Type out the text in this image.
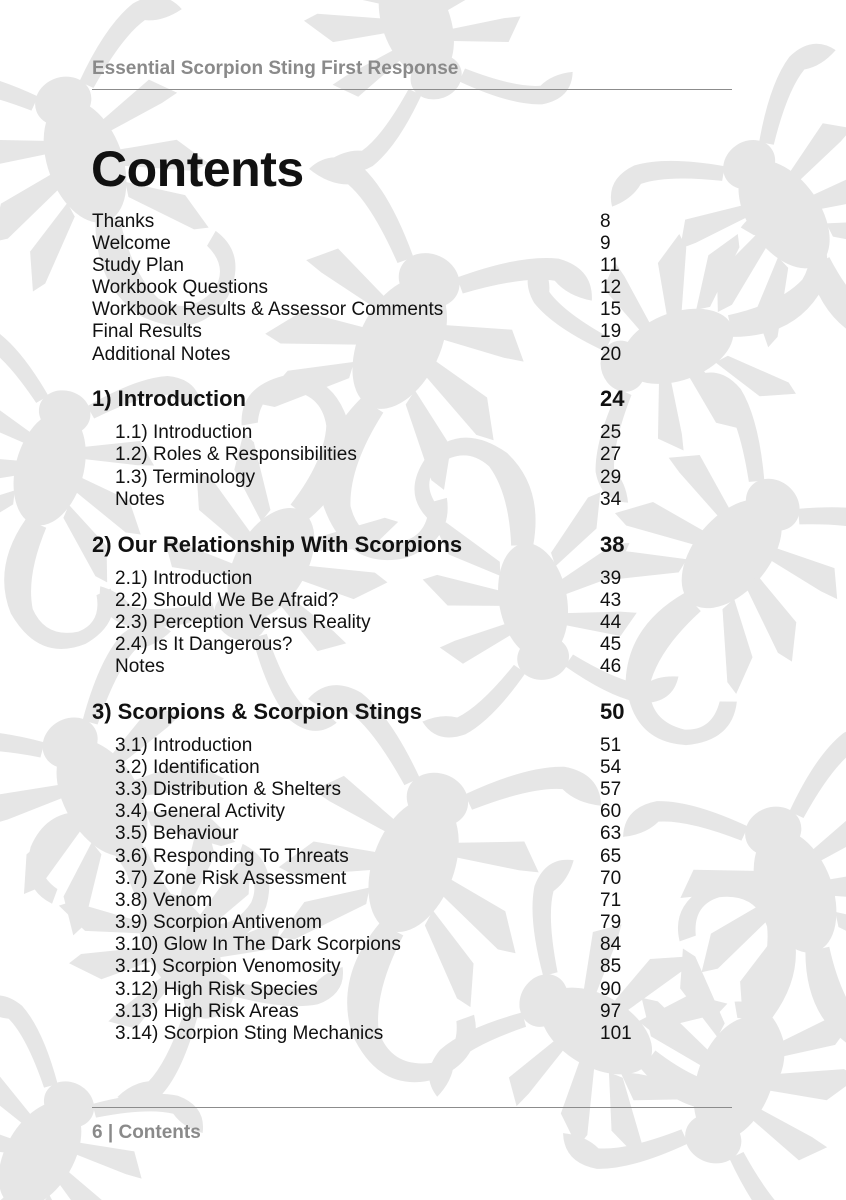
Essential Scorpion Sting First Response
Contents
Thanks	8
Welcome	9
Study Plan	11
Workbook Questions	12
Workbook Results & Assessor Comments	15
Final Results	19
Additional Notes	20
1) Introduction	24
1.1) Introduction	25
1.2) Roles & Responsibilities	27
1.3) Terminology	29
Notes	34
2) Our Relationship With Scorpions	38
2.1) Introduction	39
2.2) Should We Be Afraid?	43
2.3) Perception Versus Reality	44
2.4) Is It Dangerous?	45
Notes	46
3) Scorpions & Scorpion Stings	50
3.1) Introduction	51
3.2) Identification	54
3.3) Distribution & Shelters	57
3.4) General Activity	60
3.5) Behaviour	63
3.6) Responding To Threats	65
3.7) Zone Risk Assessment	70
3.8) Venom	71
3.9) Scorpion Antivenom	79
3.10) Glow In The Dark Scorpions	84
3.11) Scorpion Venomosity	85
3.12) High Risk Species	90
3.13) High Risk Areas	97
3.14) Scorpion Sting Mechanics	101
6 | Contents
